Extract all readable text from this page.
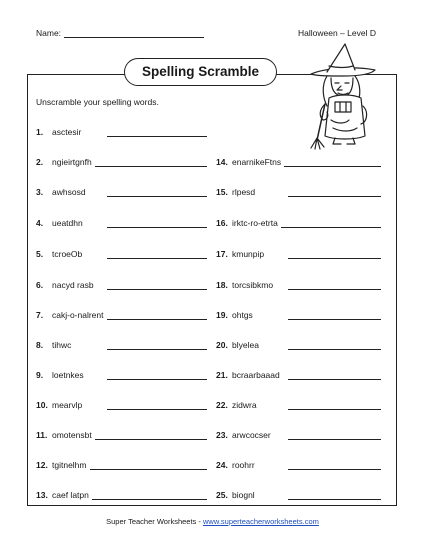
Name:	Halloween – Level D
Spelling Scramble
Unscramble your spelling words.
1.	asctesir
2.	ngieirtgnfh
3.	awhsosd
4.	ueatdhn
5.	tcroeOb
6.	nacyd rasb
7.	cakj-o-nalrent
8.	tihwc
9.	loetnkes
10. mearvlp
11. omotensbt
12. tgitnelhm
13. caef latpn
14. enarnikeFtns
15. rlpesd
16. irktc-ro-etrta
17. kmunpip
18. torcsibkmo
19. ohtgs
20. blyelea
21. bcraarbaaad
22. zidwra
23. arwcocser
24. roohrr
25. biognl
Super Teacher Worksheets - www.superteacherworksheets.com
